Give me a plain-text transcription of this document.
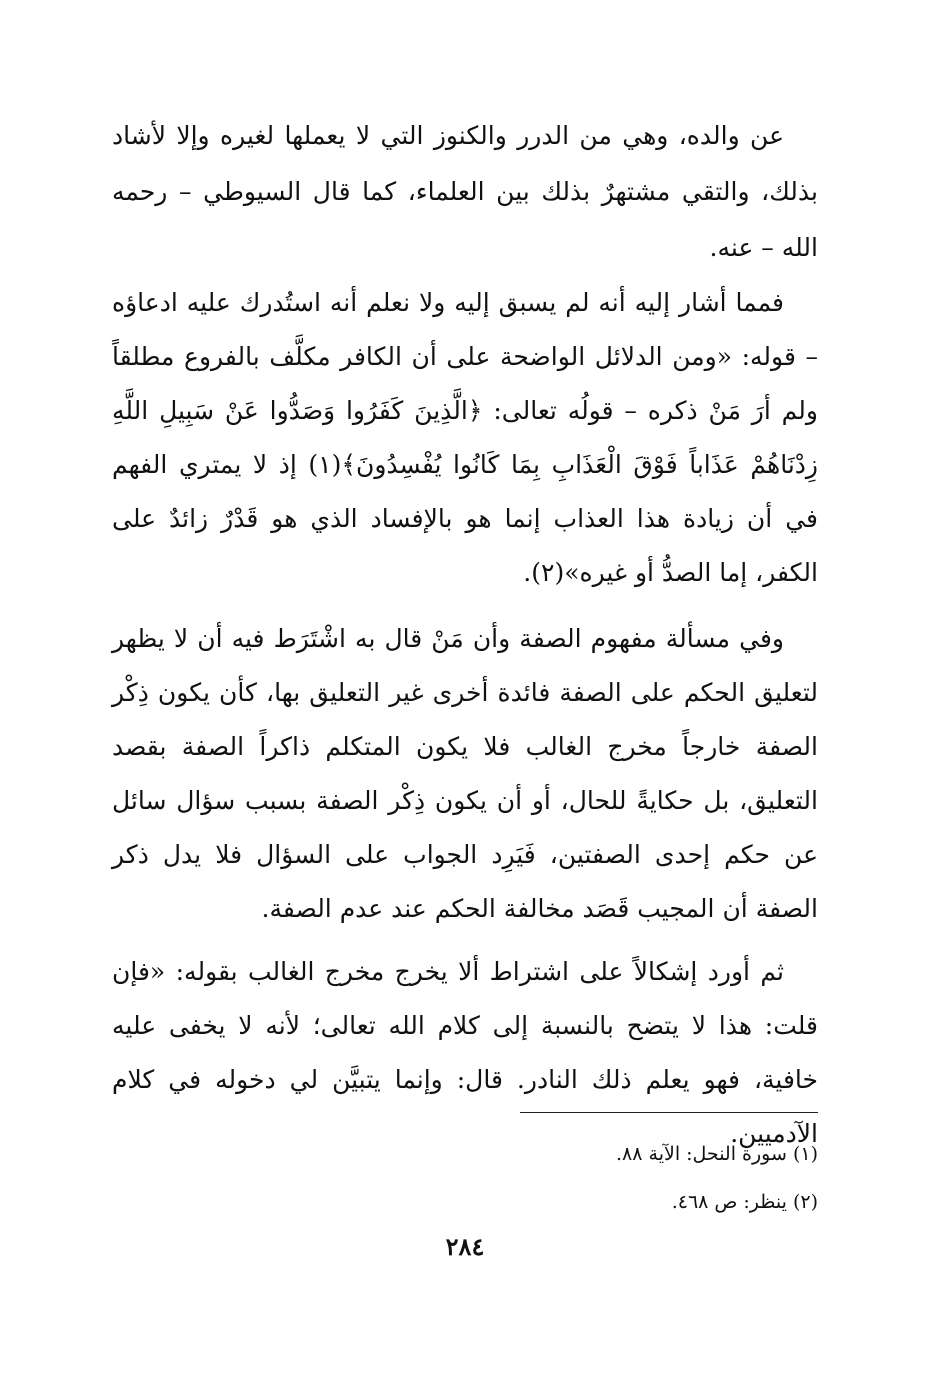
عن والده، وهي من الدرر والكنوز التي لا يعملها لغيره وإلا لأشاد بذلك، والتقي مشتهرٌ بذلك بين العلماء، كما قال السيوطي – رحمه الله – عنه.

فمما أشار إليه أنه لم يسبق إليه ولا نعلم أنه استُدرك عليه ادعاؤه – قوله: «ومن الدلائل الواضحة على أن الكافر مكلَّف بالفروع مطلقاً ولم أرَ مَنْ ذكره – قولُه تعالى: ﴿الَّذِينَ كَفَرُوا وَصَدُّوا عَنْ سَبِيلِ اللَّهِ زِدْنَاهُمْ عَذَاباً فَوْقَ الْعَذَابِ بِمَا كَانُوا يُفْسِدُونَ﴾(١) إذ لا يمتري الفهم في أن زيادة هذا العذاب إنما هو بالإفساد الذي هو قَدْرٌ زائدٌ على الكفر، إما الصدُّ أو غيره»(٢).

وفي مسألة مفهوم الصفة وأن مَنْ قال به اشْتَرَط فيه أن لا يظهر لتعليق الحكم على الصفة فائدة أخرى غير التعليق بها، كأن يكون ذِكْر الصفة خارجاً مخرج الغالب فلا يكون المتكلم ذاكراً الصفة بقصد التعليق، بل حكايةً للحال، أو أن يكون ذِكْر الصفة بسبب سؤال سائل عن حكم إحدى الصفتين، فَيَرِد الجواب على السؤال فلا يدل ذكر الصفة أن المجيب قَصَد مخالفة الحكم عند عدم الصفة.

ثم أورد إشكالاً على اشتراط ألا يخرج مخرج الغالب بقوله: «فإن قلت: هذا لا يتضح بالنسبة إلى كلام الله تعالى؛ لأنه لا يخفى عليه خافية، فهو يعلم ذلك النادر. قال: وإنما يتبيَّن لي دخوله في كلام الآدميين.

(١) سورة النحل: الآية ٨٨.

(٢) ينظر: ص ٤٦٨.

٢٨٤
